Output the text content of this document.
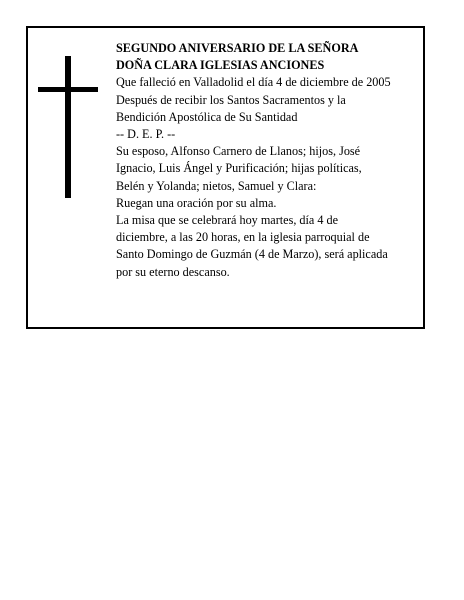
SEGUNDO ANIVERSARIO DE LA SEÑORA
DOÑA CLARA IGLESIAS ANCIONES
Que falleció en Valladolid el día 4 de diciembre de 2005
Después de recibir los Santos Sacramentos y la
Bendición Apostólica de Su Santidad
-- D. E. P. --
Su esposo, Alfonso Carnero de Llanos; hijos, José
Ignacio, Luis Ángel y Purificación; hijas políticas,
Belén y Yolanda; nietos, Samuel y Clara:
Ruegan una oración por su alma.
La misa que se celebrará hoy martes, día 4 de
diciembre, a las 20 horas, en la iglesia parroquial de
Santo Domingo de Guzmán (4 de Marzo), será aplicada
por su eterno descanso.
